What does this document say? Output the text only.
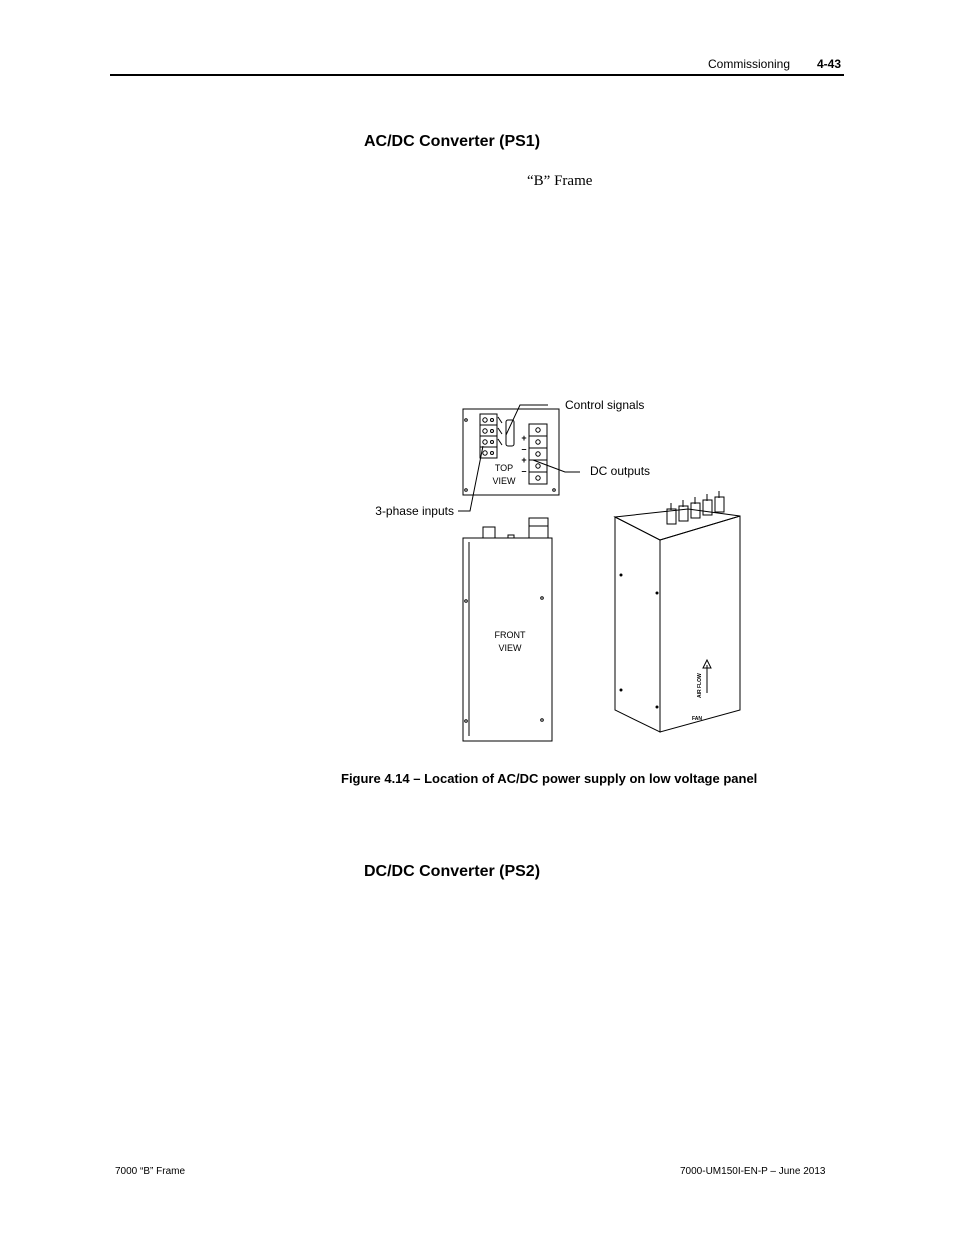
Commissioning 4-43
AC/DC Converter (PS1)
“B” Frame
Control signals
DC outputs
3-phase inputs
TOP
VIEW
FRONT
VIEW
+
–
+
–
AIR FLOW
FAN
Figure 4.14 – Location of AC/DC power supply on low voltage panel
DC/DC Converter (PS2)
7000 “B” Frame	7000-UM150I-EN-P – June 2013
